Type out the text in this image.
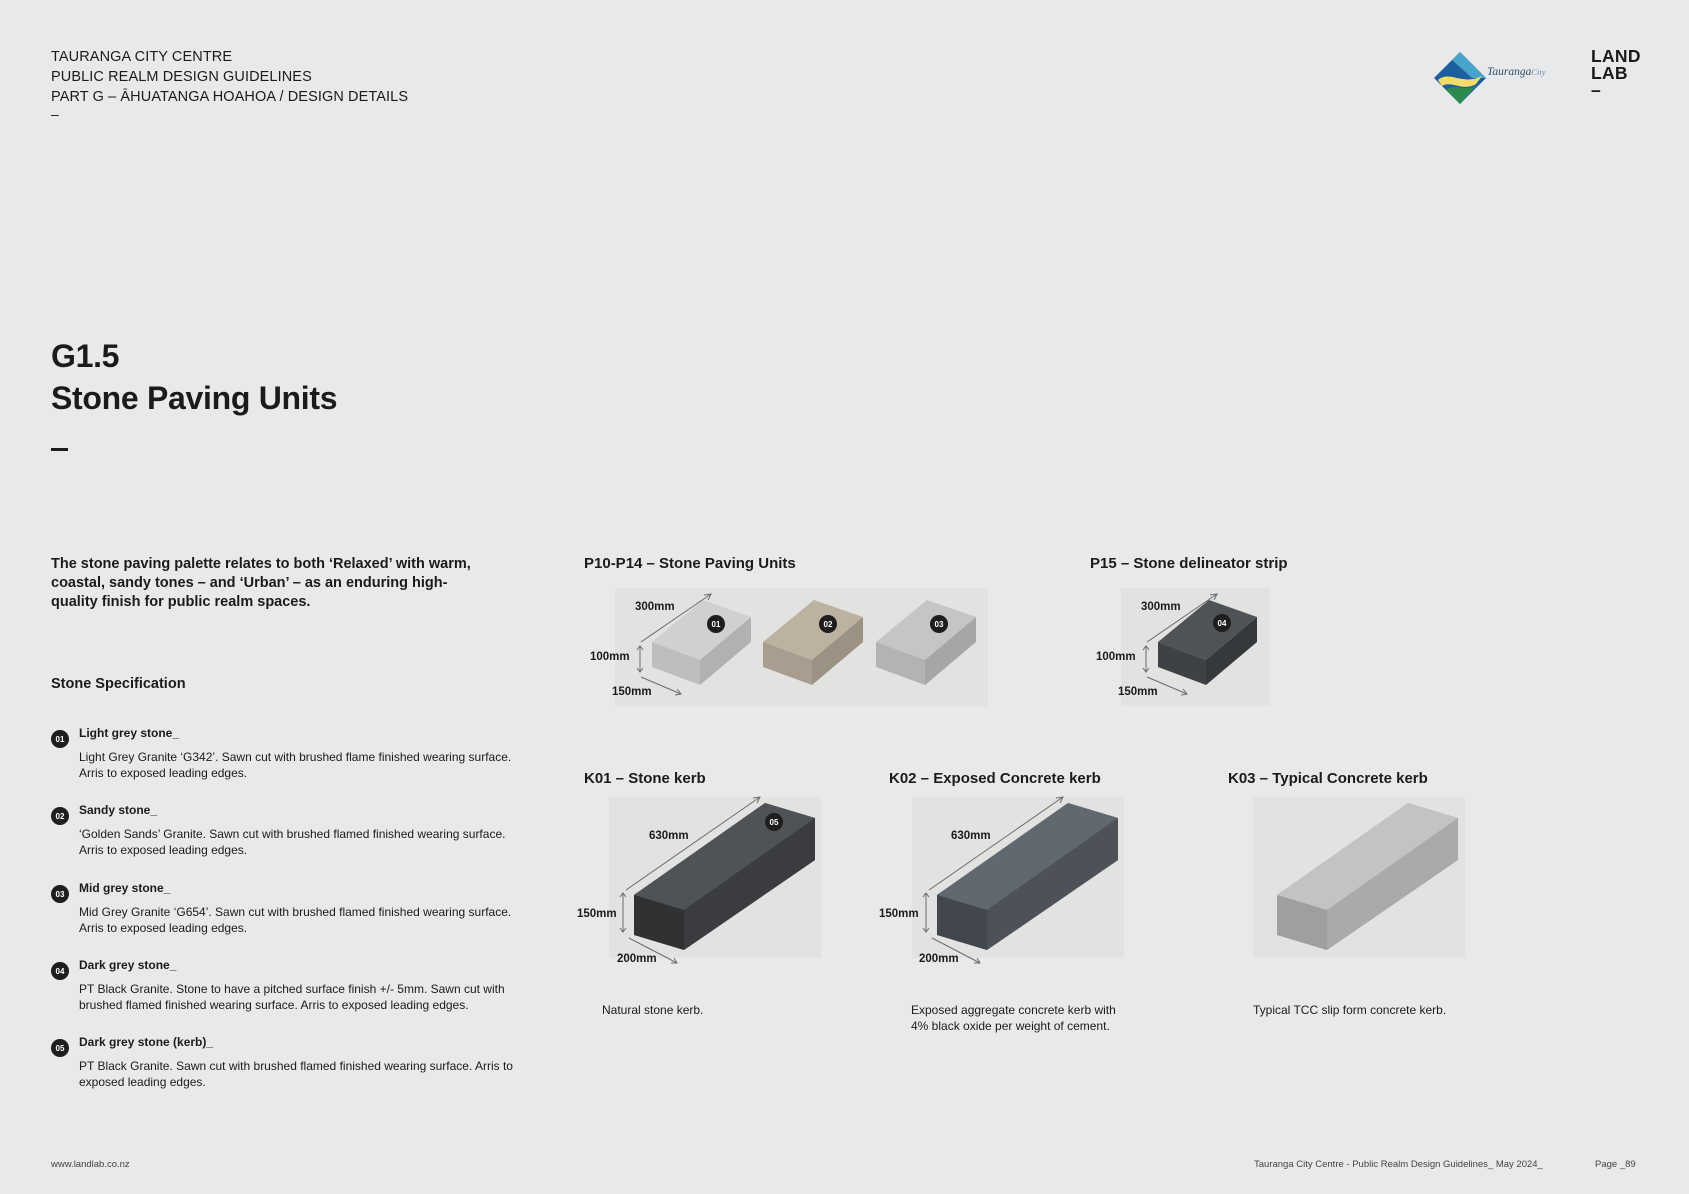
TAURANGA CITY CENTRE
PUBLIC REALM DESIGN GUIDELINES
PART G – ĀHUATANGA HOAHOA / DESIGN DETAILS
–
TaurangaCity
LAND
LAB
–
G1.5
Stone Paving Units
The stone paving palette relates to both ‘Relaxed’ with warm, coastal, sandy tones – and ‘Urban’ – as an enduring high-quality finish for public realm spaces.
Stone Specification
01	Light grey stone_
Light Grey Granite ‘G342’. Sawn cut with brushed flame finished wearing surface. Arris to exposed leading edges.
02	Sandy stone_
‘Golden Sands’ Granite. Sawn cut with brushed flamed finished wearing surface. Arris to exposed leading edges.
03	Mid grey stone_
Mid Grey Granite ‘G654’. Sawn cut with brushed flamed finished wearing surface. Arris to exposed leading edges.
04	Dark grey stone_
PT Black Granite. Stone to have a pitched surface finish +/- 5mm. Sawn cut with brushed flamed finished wearing surface. Arris to exposed leading edges.
05	Dark grey stone (kerb)_
PT Black Granite. Sawn cut with brushed flamed finished wearing surface. Arris to exposed leading edges.
P10-P14 – Stone Paving Units
300mm
100mm
150mm
01	02	03
P15 – Stone delineator strip
300mm
100mm
150mm
04
K01 – Stone kerb	K02 – Exposed Concrete kerb	K03 – Typical Concrete kerb
630mm
150mm
200mm
05
630mm
150mm
200mm
Natural stone kerb.	Exposed aggregate concrete kerb with 4% black oxide per weight of cement.
Typical TCC slip form concrete kerb.
www.landlab.co.nz	Tauranga City Centre - Public Realm Design Guidelines_ May 2024_	Page _89
